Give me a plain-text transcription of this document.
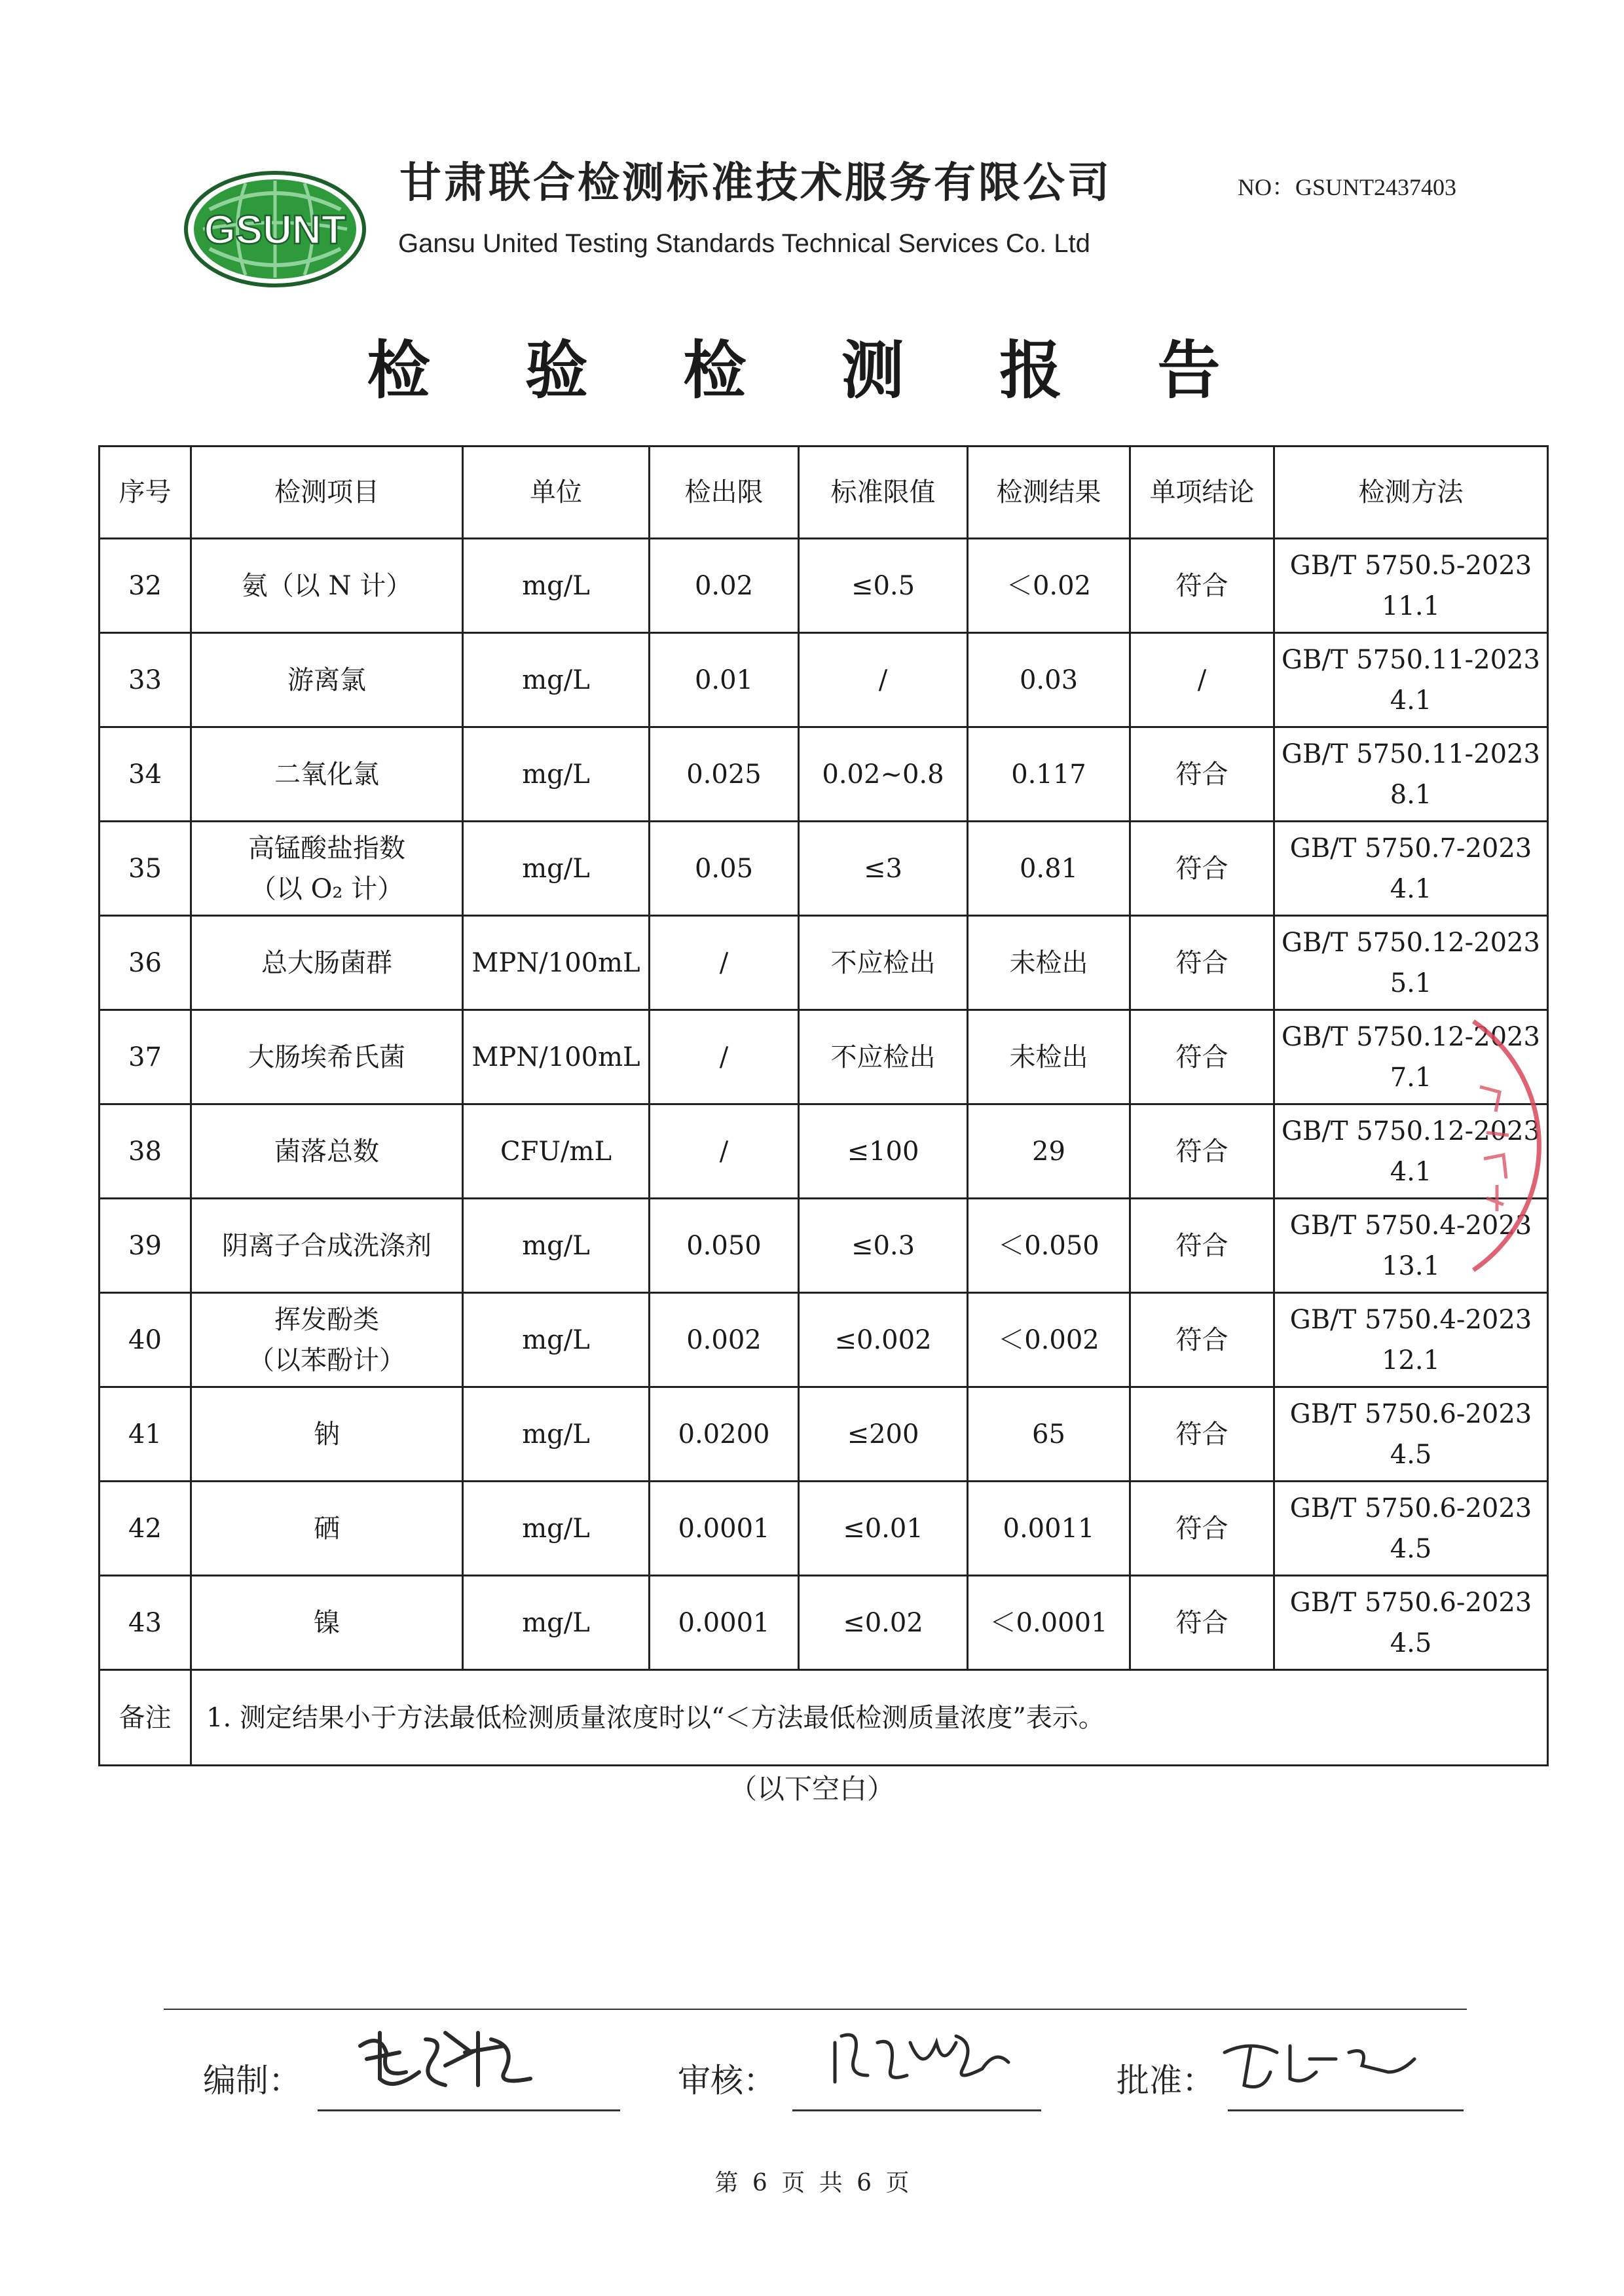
GSUNT
甘肃联合检测标准技术服务有限公司
Gansu United Testing Standards Technical Services Co. Ltd
NO：GSUNT2437403
检 验 检 测 报 告
序号	检测项目	单位	检出限	标准限值	检测结果	单项结论	检测方法

32	氨（以 N 计）	mg/L	0.02	≤0.5	＜0.02	符合	GB/T 5750.5-2023
11.1

33	游离氯	mg/L	0.01	/	0.03	/	GB/T 5750.11-2023
4.1

34	二氧化氯	mg/L	0.025	0.02~0.8	0.117	符合	GB/T 5750.11-2023
8.1

35	高锰酸盐指数
（以 O₂ 计）	mg/L	0.05	≤3	0.81	符合	GB/T 5750.7-2023
4.1

36	总大肠菌群	MPN/100mL	/	不应检出	未检出	符合	GB/T 5750.12-2023
5.1

37	大肠埃希氏菌	MPN/100mL	/	不应检出	未检出	符合	GB/T 5750.12-2023
7.1

38	菌落总数	CFU/mL	/	≤100	29	符合	GB/T 5750.12-2023
4.1

39	阴离子合成洗涤剂	mg/L	0.050	≤0.3	＜0.050	符合	GB/T 5750.4-2023
13.1

40	挥发酚类
（以苯酚计）	mg/L	0.002	≤0.002	＜0.002	符合	GB/T 5750.4-2023
12.1

41	钠	mg/L	0.0200	≤200	65	符合	GB/T 5750.6-2023
4.5

42	硒	mg/L	0.0001	≤0.01	0.0011	符合	GB/T 5750.6-2023
4.5

43	镍	mg/L	0.0001	≤0.02	＜0.0001	符合	GB/T 5750.6-2023
4.5

备注	1. 测定结果小于方法最低检测质量浓度时以“＜方法最低检测质量浓度”表示。						
（以下空白）
编制：	审核：	批准：
第 6 页 共 6 页
